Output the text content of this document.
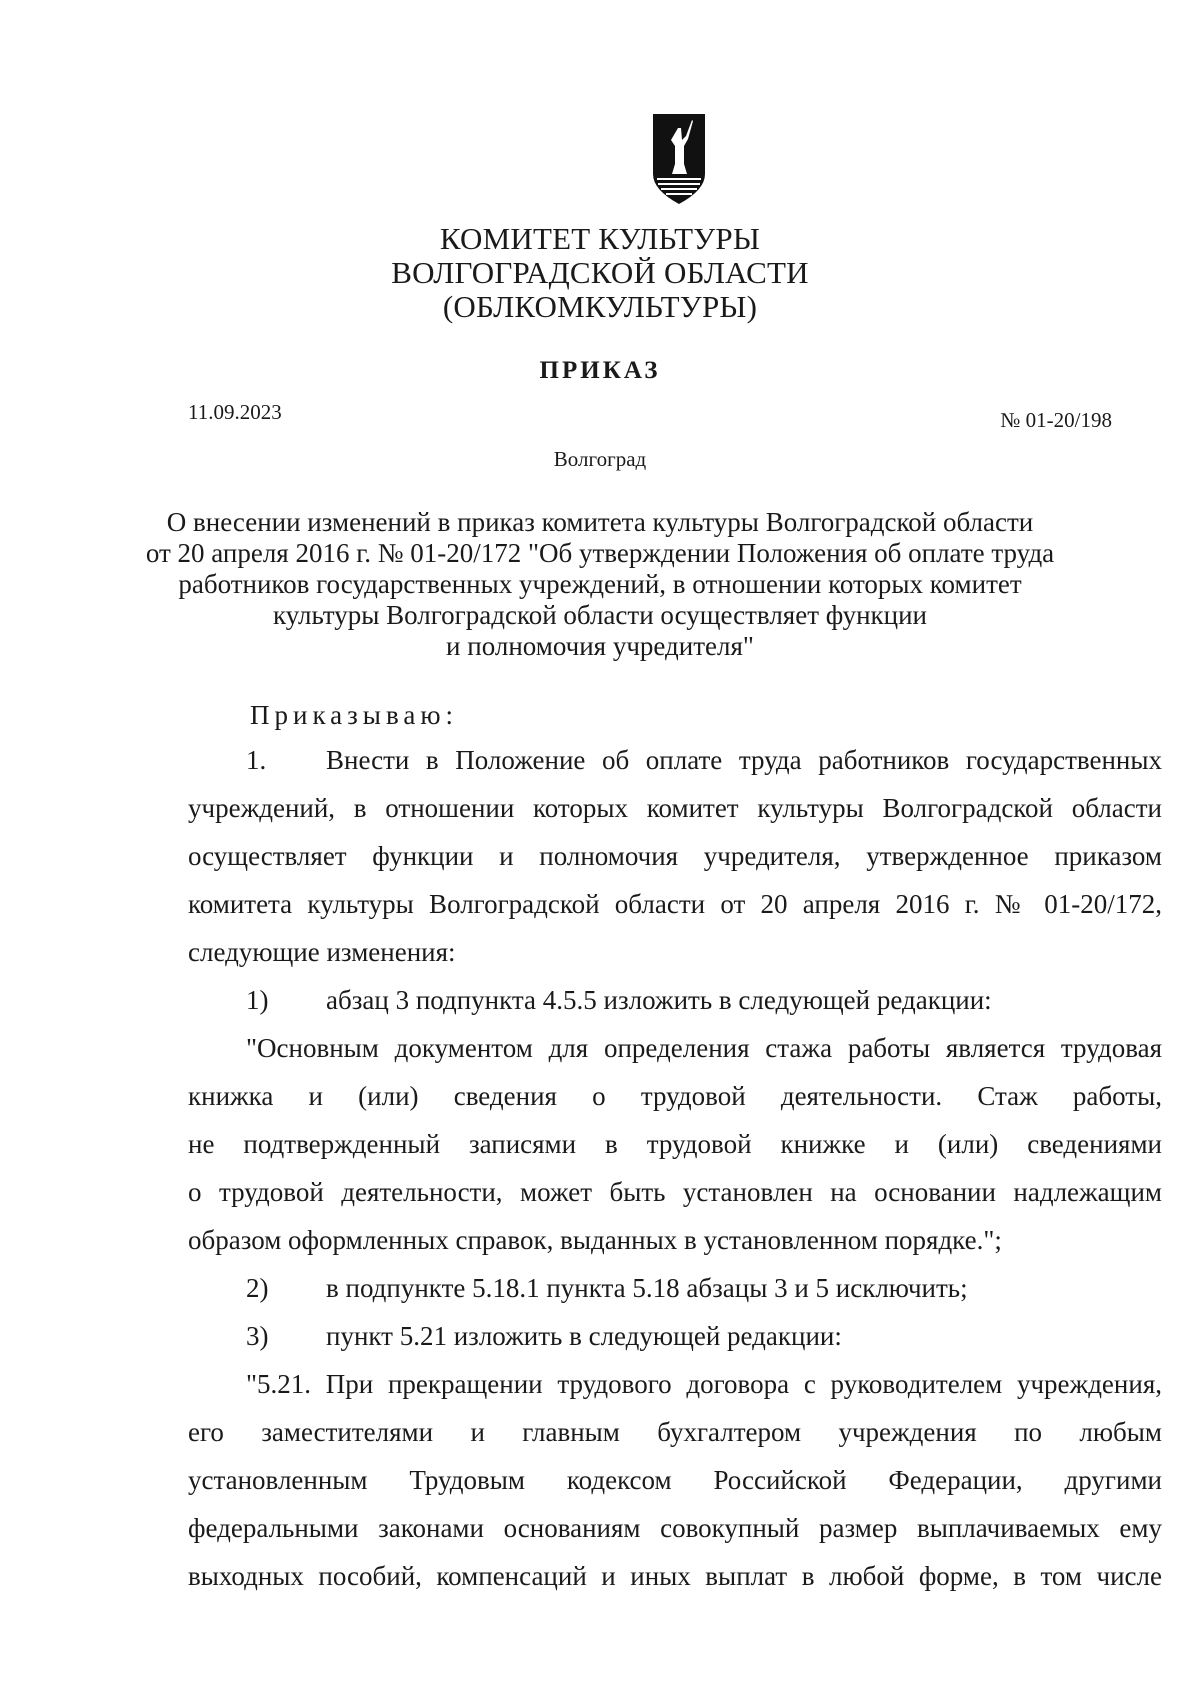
КОМИТЕТ КУЛЬТУРЫ
ВОЛГОГРАДСКОЙ ОБЛАСТИ
(ОБЛКОМКУЛЬТУРЫ)
ПРИКАЗ
11.09.2023	№ 01-20/198
Волгоград
О внесении изменений в приказ комитета культуры Волгоградской области
от 20 апреля 2016 г. № 01-20/172 "Об утверждении Положения об оплате труда
работников государственных учреждений, в отношении которых комитет
культуры Волгоградской области осуществляет функции
и полномочия учредителя"
Приказываю:
1. Внести в Положение об оплате труда работников государственных
учреждений, в отношении которых комитет культуры Волгоградской области
осуществляет функции и полномочия учредителя, утвержденное приказом
комитета культуры Волгоградской области от 20 апреля 2016 г. № 01-20/172,
следующие изменения:
1) абзац 3 подпункта 4.5.5 изложить в следующей редакции:
"Основным документом для определения стажа работы является трудовая
книжка и (или) сведения о трудовой деятельности. Стаж работы,
не подтвержденный записями в трудовой книжке и (или) сведениями
о трудовой деятельности, может быть установлен на основании надлежащим
образом оформленных справок, выданных в установленном порядке.";
2) в подпункте 5.18.1 пункта 5.18 абзацы 3 и 5 исключить;
3) пункт 5.21 изложить в следующей редакции:
"5.21. При прекращении трудового договора с руководителем учреждения,
его заместителями и главным бухгалтером учреждения по любым
установленным Трудовым кодексом Российской Федерации, другими
федеральными законами основаниям совокупный размер выплачиваемых ему
выходных пособий, компенсаций и иных выплат в любой форме, в том числе
